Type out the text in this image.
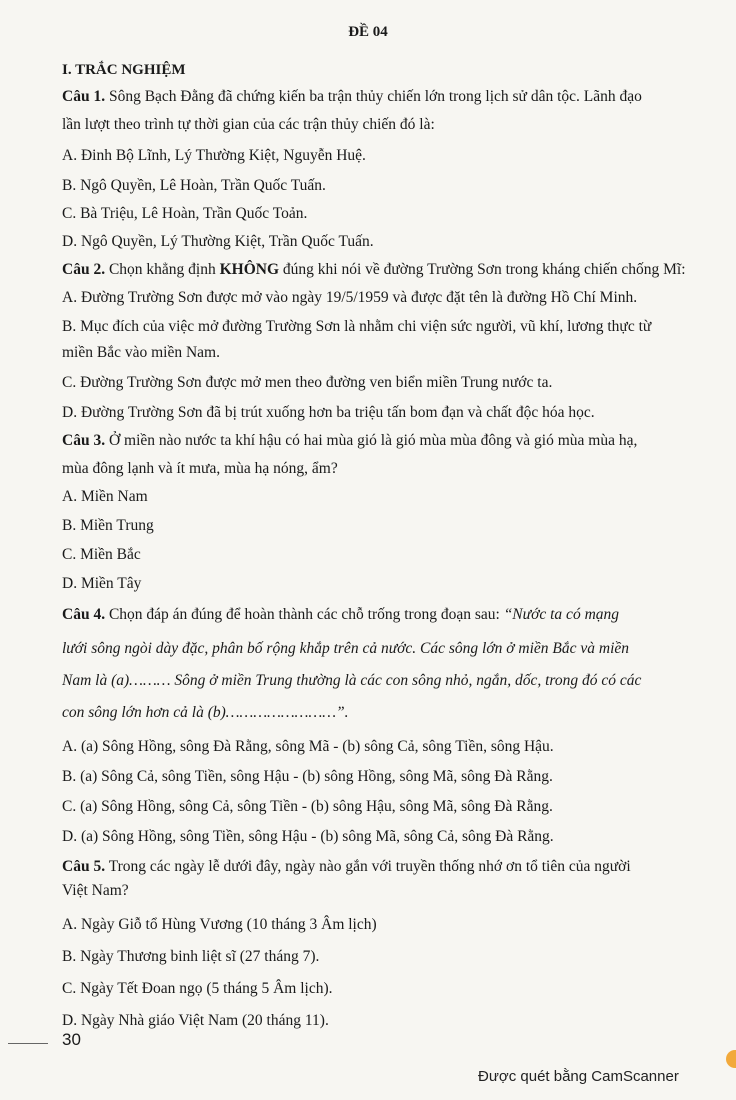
ĐỀ 04
I. TRẮC NGHIỆM
Câu 1. Sông Bạch Đằng đã chứng kiến ba trận thủy chiến lớn trong lịch sử dân tộc. Lãnh đạo
lần lượt theo trình tự thời gian của các trận thủy chiến đó là:
A. Đinh Bộ Lĩnh, Lý Thường Kiệt, Nguyễn Huệ.
B. Ngô Quyền, Lê Hoàn, Trần Quốc Tuấn.
C. Bà Triệu, Lê Hoàn, Trần Quốc Toản.
D. Ngô Quyền, Lý Thường Kiệt, Trần Quốc Tuấn.
Câu 2. Chọn khẳng định KHÔNG đúng khi nói về đường Trường Sơn trong kháng chiến chống Mĩ:
A. Đường Trường Sơn được mở vào ngày 19/5/1959 và được đặt tên là đường Hồ Chí Minh.
B. Mục đích của việc mở đường Trường Sơn là nhằm chi viện sức người, vũ khí, lương thực từ
miền Bắc vào miền Nam.
C. Đường Trường Sơn được mở men theo đường ven biển miền Trung nước ta.
D. Đường Trường Sơn đã bị trút xuống hơn ba triệu tấn bom đạn và chất độc hóa học.
Câu 3. Ở miền nào nước ta khí hậu có hai mùa gió là gió mùa mùa đông và gió mùa mùa hạ,
mùa đông lạnh và ít mưa, mùa hạ nóng, ẩm?
A. Miền Nam
B. Miền Trung
C. Miền Bắc
D. Miền Tây
Câu 4. Chọn đáp án đúng để hoàn thành các chỗ trống trong đoạn sau: “Nước ta có mạng
lưới sông ngòi dày đặc, phân bố rộng khắp trên cả nước. Các sông lớn ở miền Bắc và miền
Nam là (a)……… Sông ở miền Trung thường là các con sông nhỏ, ngắn, dốc, trong đó có các
con sông lớn hơn cả là (b)……………………”.
A. (a) Sông Hồng, sông Đà Rằng, sông Mã - (b) sông Cả, sông Tiền, sông Hậu.
B. (a) Sông Cả, sông Tiền, sông Hậu - (b) sông Hồng, sông Mã, sông Đà Rằng.
C. (a) Sông Hồng, sông Cả, sông Tiền - (b) sông Hậu, sông Mã, sông Đà Rằng.
D. (a) Sông Hồng, sông Tiền, sông Hậu - (b) sông Mã, sông Cả, sông Đà Rằng.
Câu 5. Trong các ngày lễ dưới đây, ngày nào gắn với truyền thống nhớ ơn tổ tiên của người
Việt Nam?
A. Ngày Giỗ tổ Hùng Vương (10 tháng 3 Âm lịch)
B. Ngày Thương binh liệt sĩ (27 tháng 7).
C. Ngày Tết Đoan ngọ (5 tháng 5 Âm lịch).
D. Ngày Nhà giáo Việt Nam (20 tháng 11).
30
Được quét bằng CamScanner
